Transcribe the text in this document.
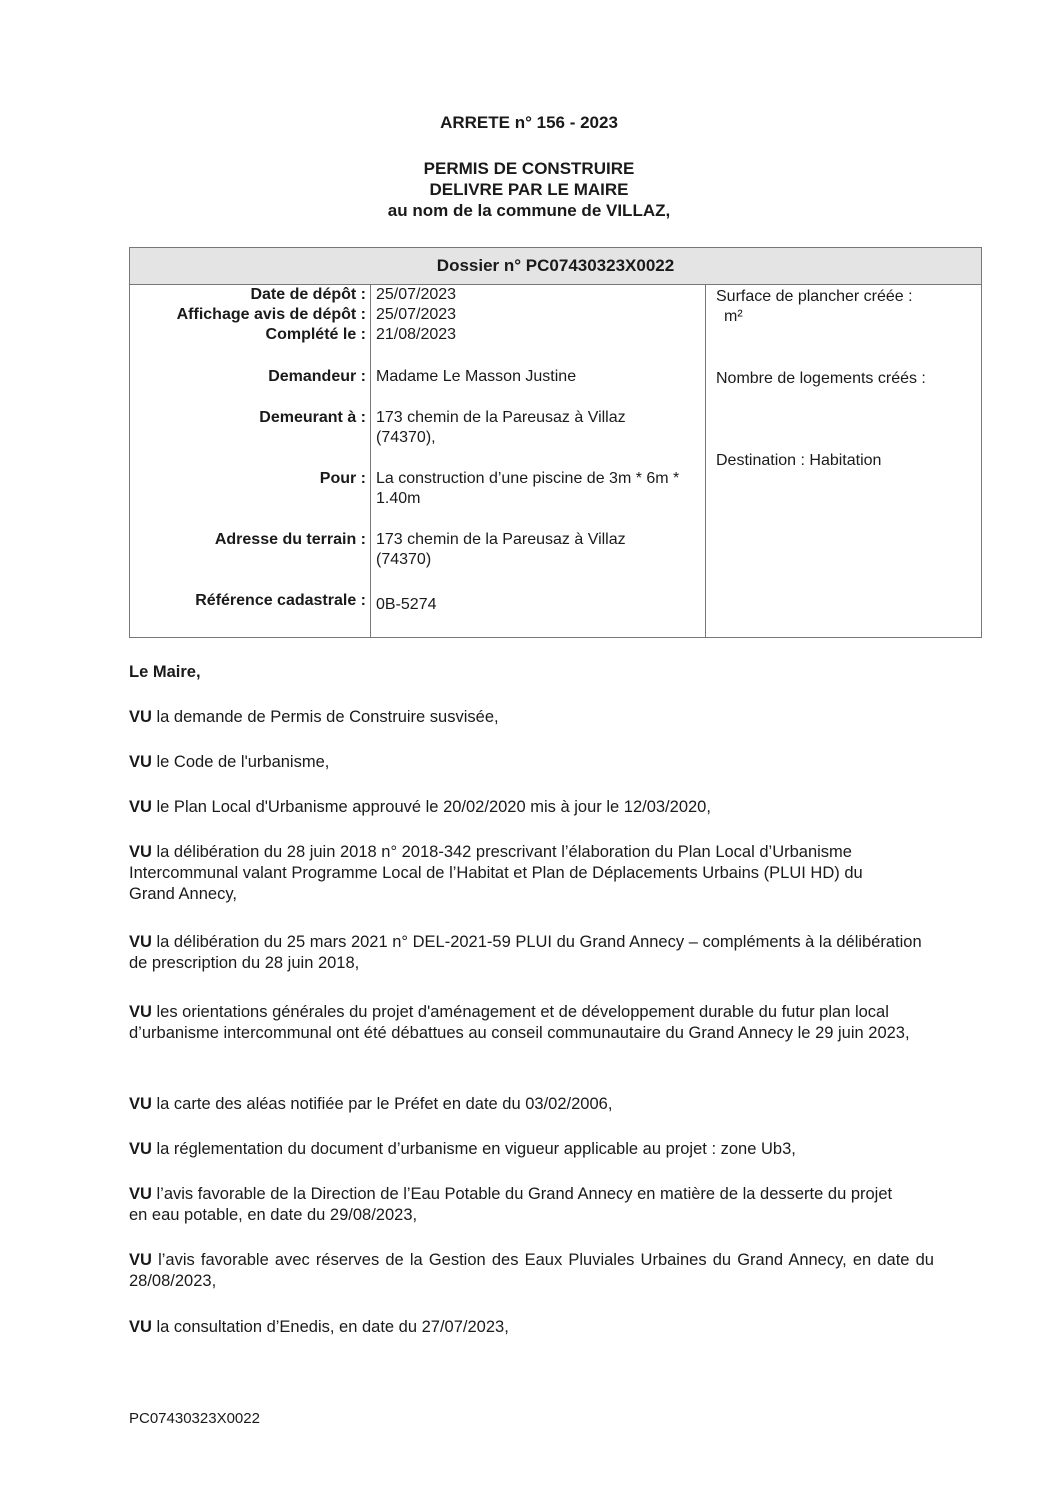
ARRETE n° 156 - 2023
PERMIS DE CONSTRUIRE
DELIVRE PAR LE MAIRE
au nom de la commune de VILLAZ,
Dossier n° PC07430323X0022
Date de dépôt :
Affichage avis de dépôt :
Complété le :
Demandeur :
Demeurant à :
Pour :
Adresse du terrain :
Référence cadastrale :
25/07/2023
25/07/2023
21/08/2023
Madame Le Masson Justine
173 chemin de la Pareusaz à Villaz (74370),
La construction d’une piscine de 3m * 6m * 1.40m
173 chemin de la Pareusaz à Villaz (74370)
0B-5274
Surface de plancher créée :
m²
Nombre de logements créés :
Destination : Habitation
Le Maire,
VU la demande de Permis de Construire susvisée,
VU le Code de l'urbanisme,
VU le Plan Local d'Urbanisme approuvé le 20/02/2020 mis à jour le 12/03/2020,
VU la délibération du 28 juin 2018 n° 2018-342 prescrivant l’élaboration du Plan Local d’Urbanisme Intercommunal valant Programme Local de l’Habitat et Plan de Déplacements Urbains (PLUI HD) du Grand Annecy,
VU la délibération du 25 mars 2021 n° DEL-2021-59 PLUI du Grand Annecy – compléments à la délibération de prescription du 28 juin 2018,
VU les orientations générales du projet d'aménagement et de développement durable du futur plan local d’urbanisme intercommunal ont été débattues au conseil communautaire du Grand Annecy le 29 juin 2023,
VU la carte des aléas notifiée par le Préfet en date du 03/02/2006,
VU la réglementation du document d’urbanisme en vigueur applicable au projet : zone Ub3,
VU l’avis favorable de la Direction de l’Eau Potable du Grand Annecy en matière de la desserte du projet en eau potable, en date du 29/08/2023,
VU l’avis favorable avec réserves de la Gestion des Eaux Pluviales Urbaines du Grand Annecy, en date du 28/08/2023,
VU la consultation d’Enedis, en date du 27/07/2023,
PC07430323X0022
